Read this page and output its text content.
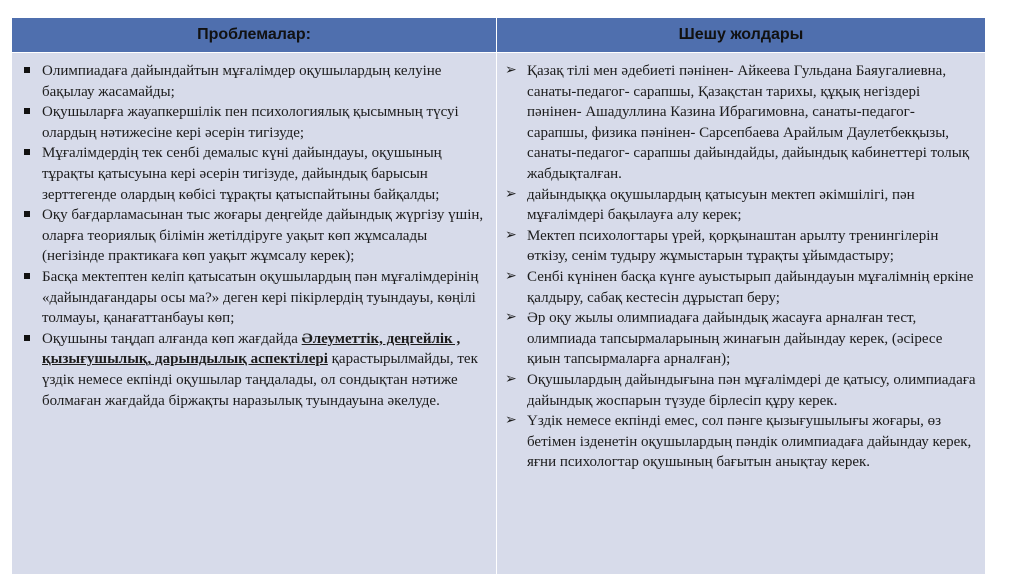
Проблемалар:	Шешу жолдары
Олимпиадаға дайындайтын мұғалімдер оқушылардың келуіне бақылау жасамайды;
Оқушыларға жауапкершілік пен психологиялық қысымның түсуі олардың нәтижесіне кері әсерін тигізуде;
Мұғалімдердің тек сенбі демалыс күні дайындауы, оқушының тұрақты қатысуына кері әсерін тигізуде, дайындық барысын зерттегенде олардың көбісі тұрақты қатыспайтыны байқалды;
Оқу бағдарламасынан тыс жоғары деңгейде дайындық жүргізу үшін, оларға теориялық білімін жетілдіруге уақыт көп жұмсалады (негізінде практикаға көп уақыт жұмсалу керек);
Басқа мектептен келіп қатысатын оқушылардың пән мұғалімдерінің «дайындағандары осы ма?» деген кері пікірлердің туындауы, көңілі толмауы, қанағаттанбауы көп;
Оқушыны таңдап алғанда көп жағдайда Әлеуметтік, деңгейлік , қызығушылық, дарындылық аспектілері қарастырылмайды, тек үздік немесе екпінді оқушылар таңдалады, ол сондықтан нәтиже болмаған жағдайда біржақты наразылық туындауына әкелуде.
➢ Қазақ тілі мен әдебиеті пәнінен- Айкеева Гульдана Баяугалиевна, санаты-педагог- сарапшы, Қазақстан тарихы, құқық негіздері пәнінен- Ашадуллина Казина Ибрагимовна, санаты-педагог- сарапшы, физика пәнінен- Сарсепбаева Арайлым Даулетбекқызы, санаты-педагог- сарапшы дайындайды, дайындық кабинеттері толық жабдықталған.
➢ дайындыққа оқушылардың қатысуын мектеп әкімшілігі, пән мұғалімдері бақылауға алу керек;
➢ Мектеп психологтары үрей, қорқынаштан арылту тренингілерін өткізу, сенім тудыру жұмыстарын тұрақты ұйымдастыру;
➢ Сенбі күнінен басқа күнге ауыстырып дайындауын мұғалімнің еркіне қалдыру, сабақ кестесін дұрыстап беру;
➢ Әр оқу жылы олимпиадаға дайындық жасауға арналған тест, олимпиада тапсырмаларының жинағын дайындау керек, (әсіресе қиын тапсырмаларға арналған);
➢ Оқушылардың дайындығына пән мұғалімдері де қатысу, олимпиадаға дайындық жоспарын түзуде бірлесіп құру керек.
➢ Үздік немесе екпінді емес, сол пәнге қызығушылығы жоғары, өз бетімен ізденетін оқушылардың пәндік олимпиадаға дайындау керек, яғни психологтар оқушының бағытын анықтау керек.
